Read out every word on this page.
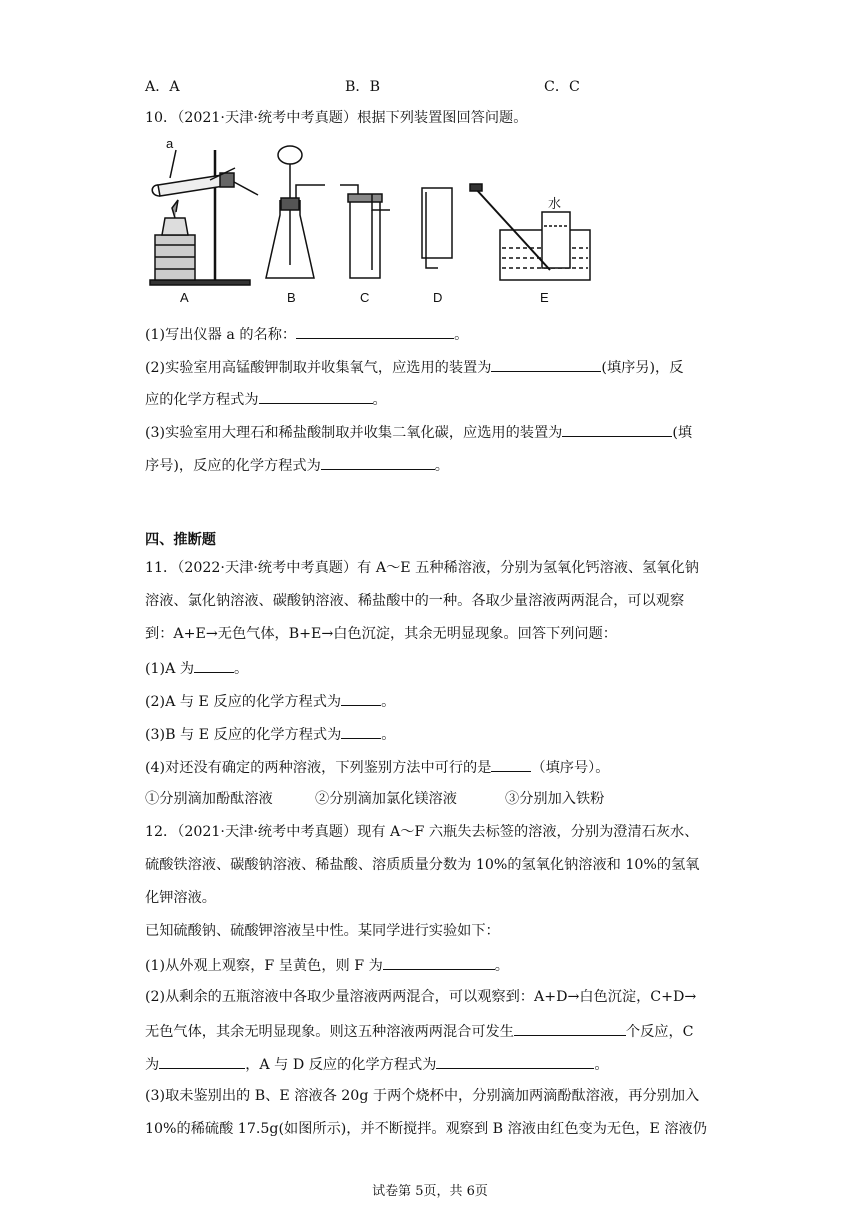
A．A	B．B	C．C
10．（2021·天津·统考中考真题）根据下列装置图回答问题。
A	B	C	D	E
a
水
(1)写出仪器 a 的名称：	。
(2)实验室用高锰酸钾制取并收集氧气，应选用的装置为	(填序另)，反
应的化学方程式为	。
(3)实验室用大理石和稀盐酸制取并收集二氧化碳，应选用的装置为	(填
序号)，反应的化学方程式为	。
四、推断题
11．（2022·天津·统考中考真题）有 A～E 五种稀溶液，分别为氢氧化钙溶液、氢氧化钠
溶液、氯化钠溶液、碳酸钠溶液、稀盐酸中的一种。各取少量溶液两两混合，可以观察
到：A+E→无色气体，B+E→白色沉淀，其余无明显现象。回答下列问题：
(1)A 为	。
(2)A 与 E 反应的化学方程式为	。
(3)B 与 E 反应的化学方程式为	。
(4)对还没有确定的两种溶液，下列鉴别方法中可行的是	（填序号）。
①分别滴加酚酞溶液	②分别滴加氯化镁溶液	③分别加入铁粉
12．（2021·天津·统考中考真题）现有 A～F 六瓶失去标签的溶液，分别为澄清石灰水、
硫酸铁溶液、碳酸钠溶液、稀盐酸、溶质质量分数为 10%的氢氧化钠溶液和 10%的氢氧
化钾溶液。
已知硫酸钠、硫酸钾溶液呈中性。某同学进行实验如下：
(1)从外观上观察，F 呈黄色，则 F 为	。
(2)从剩余的五瓶溶液中各取少量溶液两两混合，可以观察到：A+D→白色沉淀，C+D→
无色气体，其余无明显现象。则这五种溶液两两混合可发生	个反应，C
为	，A 与 D 反应的化学方程式为	。
(3)取未鉴别出的 B、E 溶液各 20g 于两个烧杯中，分别滴加两滴酚酞溶液，再分别加入
10%的稀硫酸 17.5g(如图所示)，并不断搅拌。观察到 B 溶液由红色变为无色，E 溶液仍
试卷第 5页，共 6页
